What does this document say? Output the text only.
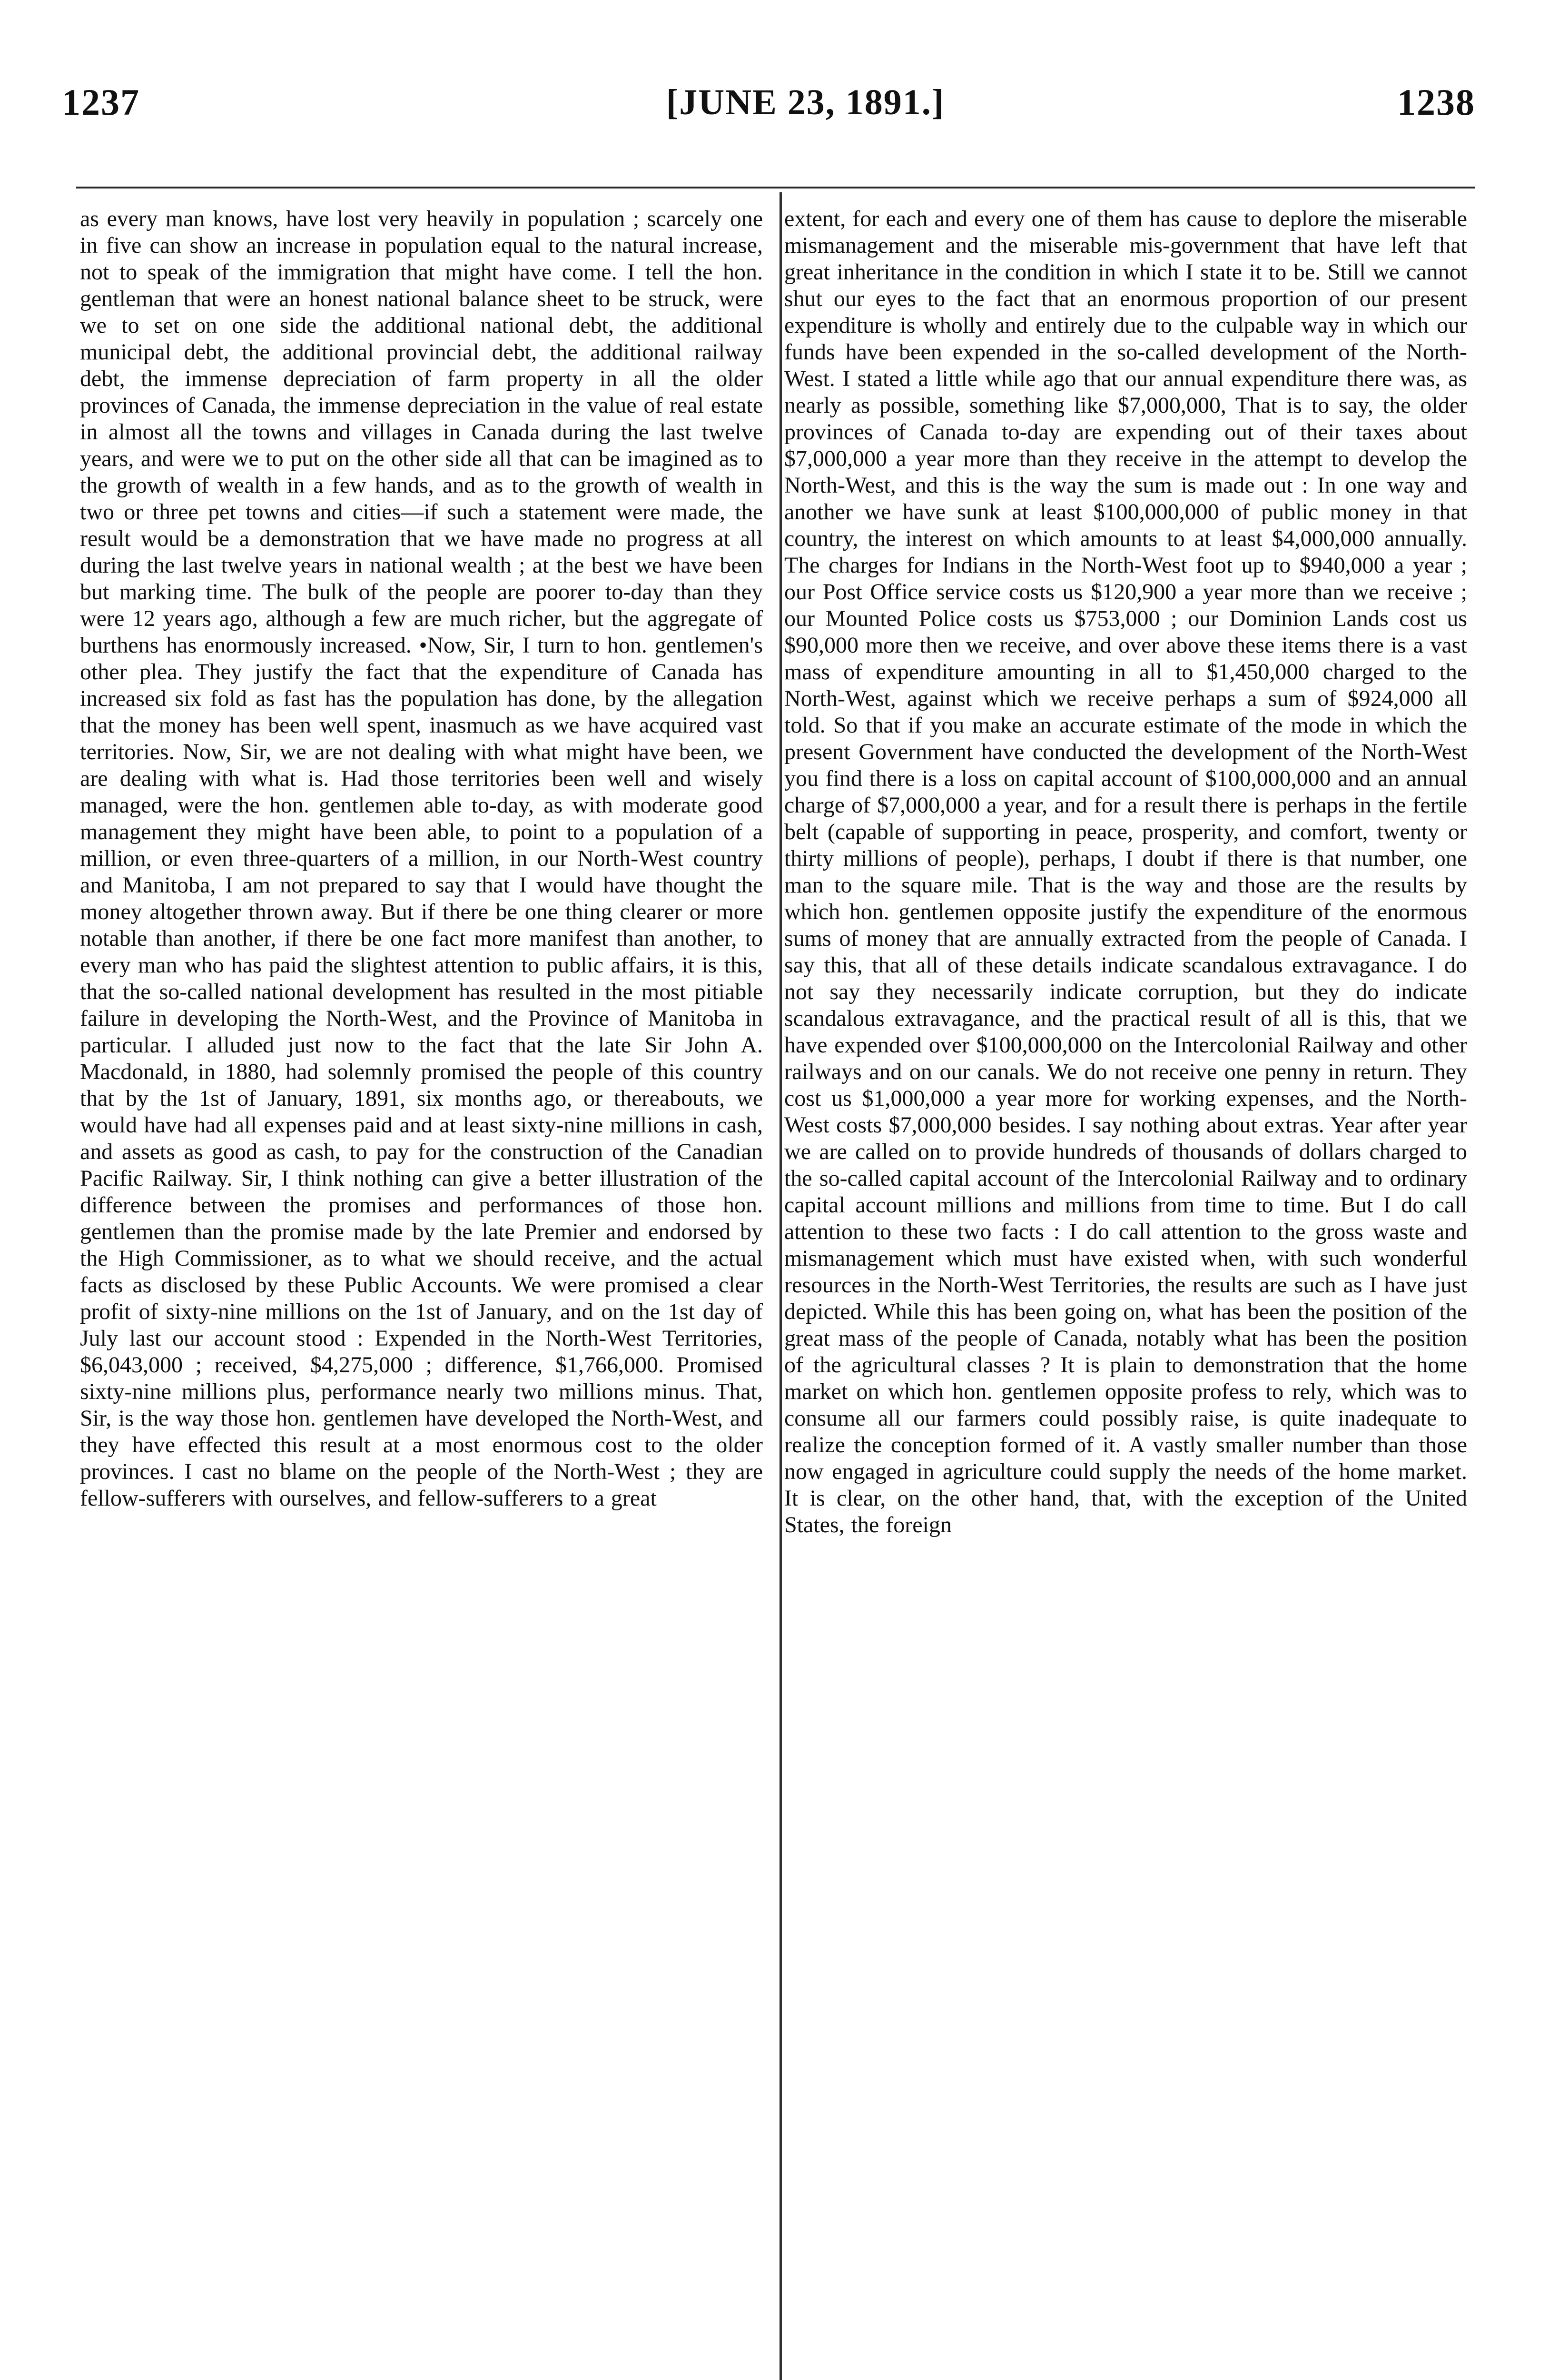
1237	[JUNE 23, 1891.]	1238

as every man knows, have lost very heavily in population ; scarcely one in five can show an increase in population equal to the natural increase, not to speak of the immigration that might have come. I tell the hon. gentleman that were an honest national balance sheet to be struck, were we to set on one side the additional national debt, the additional municipal debt, the additional provincial debt, the additional railway debt, the immense depreciation of farm property in all the older provinces of Canada, the immense depreciation in the value of real estate in almost all the towns and villages in Canada during the last twelve years, and were we to put on the other side all that can be imagined as to the growth of wealth in a few hands, and as to the growth of wealth in two or three pet towns and cities—if such a statement were made, the result would be a demonstration that we have made no progress at all during the last twelve years in national wealth ; at the best we have been but marking time. The bulk of the people are poorer to-day than they were 12 years ago, although a few are much richer, but the aggregate of burthens has enormously increased. •Now, Sir, I turn to hon. gentlemen's other plea. They justify the fact that the expenditure of Canada has increased six fold as fast has the population has done, by the allegation that the money has been well spent, inasmuch as we have acquired vast territories. Now, Sir, we are not dealing with what might have been, we are dealing with what is. Had those territories been well and wisely managed, were the hon. gentlemen able to-day, as with moderate good management they might have been able, to point to a population of a million, or even three-quarters of a million, in our North-West country and Manitoba, I am not prepared to say that I would have thought the money altogether thrown away. But if there be one thing clearer or more notable than another, if there be one fact more manifest than another, to every man who has paid the slightest attention to public affairs, it is this, that the so-called national development has resulted in the most pitiable failure in developing the North-West, and the Province of Manitoba in particular. I alluded just now to the fact that the late Sir John A. Macdonald, in 1880, had solemnly promised the people of this country that by the 1st of January, 1891, six months ago, or thereabouts, we would have had all expenses paid and at least sixty-nine millions in cash, and assets as good as cash, to pay for the construction of the Canadian Pacific Railway. Sir, I think nothing can give a better illustration of the difference between the promises and performances of those hon. gentlemen than the promise made by the late Premier and endorsed by the High Commissioner, as to what we should receive, and the actual facts as disclosed by these Public Accounts. We were promised a clear profit of sixty-nine millions on the 1st of January, and on the 1st day of July last our account stood : Expended in the North-West Territories, $6,043,000 ; received, $4,275,000 ; difference, $1,766,000. Promised sixty-nine millions plus, performance nearly two millions minus. That, Sir, is the way those hon. gentlemen have developed the North-West, and they have effected this result at a most enormous cost to the older provinces. I cast no blame on the people of the North-West ; they are fellow-sufferers with ourselves, and fellow-sufferers to a great

extent, for each and every one of them has cause to deplore the miserable mismanagement and the miserable mis-government that have left that great inheritance in the condition in which I state it to be. Still we cannot shut our eyes to the fact that an enormous proportion of our present expenditure is wholly and entirely due to the culpable way in which our funds have been expended in the so-called development of the North-West. I stated a little while ago that our annual expenditure there was, as nearly as possible, something like $7,000,000, That is to say, the older provinces of Canada to-day are expending out of their taxes about $7,000,000 a year more than they receive in the attempt to develop the North-West, and this is the way the sum is made out : In one way and another we have sunk at least $100,000,000 of public money in that country, the interest on which amounts to at least $4,000,000 annually. The charges for Indians in the North-West foot up to $940,000 a year ; our Post Office service costs us $120,900 a year more than we receive ; our Mounted Police costs us $753,000 ; our Dominion Lands cost us $90,000 more then we receive, and over above these items there is a vast mass of expenditure amounting in all to $1,450,000 charged to the North-West, against which we receive perhaps a sum of $924,000 all told. So that if you make an accurate estimate of the mode in which the present Government have conducted the development of the North-West you find there is a loss on capital account of $100,000,000 and an annual charge of $7,000,000 a year, and for a result there is perhaps in the fertile belt (capable of supporting in peace, prosperity, and comfort, twenty or thirty millions of people), perhaps, I doubt if there is that number, one man to the square mile. That is the way and those are the results by which hon. gentlemen opposite justify the expenditure of the enormous sums of money that are annually extracted from the people of Canada. I say this, that all of these details indicate scandalous extravagance. I do not say they necessarily indicate corruption, but they do indicate scandalous extravagance, and the practical result of all is this, that we have expended over $100,000,000 on the Intercolonial Railway and other railways and on our canals. We do not receive one penny in return. They cost us $1,000,000 a year more for working expenses, and the North-West costs $7,000,000 besides. I say nothing about extras. Year after year we are called on to provide hundreds of thousands of dollars charged to the so-called capital account of the Intercolonial Railway and to ordinary capital account millions and millions from time to time. But I do call attention to these two facts : I do call attention to the gross waste and mismanagement which must have existed when, with such wonderful resources in the North-West Territories, the results are such as I have just depicted. While this has been going on, what has been the position of the great mass of the people of Canada, notably what has been the position of the agricultural classes ? It is plain to demonstration that the home market on which hon. gentlemen opposite profess to rely, which was to consume all our farmers could possibly raise, is quite inadequate to realize the conception formed of it. A vastly smaller number than those now engaged in agriculture could supply the needs of the home market. It is clear, on the other hand, that, with the exception of the United States, the foreign
